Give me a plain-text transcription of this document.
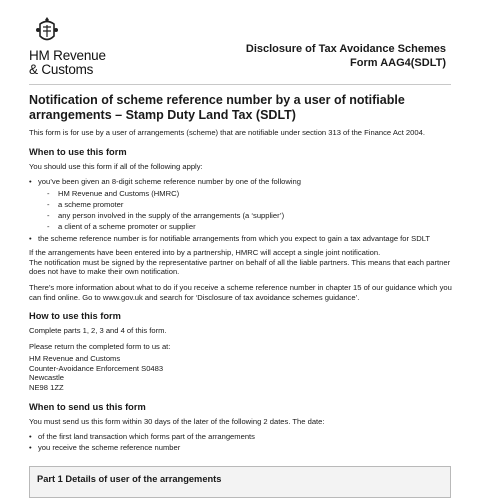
HM Revenue
& Customs
Disclosure of Tax Avoidance Schemes
Form AAG4(SDLT)
Notification of scheme reference number by a user of notifiable arrangements – Stamp Duty Land Tax (SDLT)

This form is for use by a user of arrangements (scheme) that are notifiable under section 313 of the Finance Act 2004.

When to use this form

You should use this form if all of the following apply:

• you’ve been given an 8-digit scheme reference number by one of the following
- HM Revenue and Customs (HMRC)
- a scheme promoter
- any person involved in the supply of the arrangements (a ‘supplier’)
- a client of a scheme promoter or supplier
• the scheme reference number is for notifiable arrangements from which you expect to gain a tax advantage for SDLT

If the arrangements have been entered into by a partnership, HMRC will accept a single joint notification.

The notification must be signed by the representative partner on behalf of all the liable partners. This means that each partner does not have to make their own notification.

There’s more information about what to do if you receive a scheme reference number in chapter 15 of our guidance which you can find online. Go to www.gov.uk and search for ‘Disclosure of tax avoidance schemes guidance’.

How to use this form

Complete parts 1, 2, 3 and 4 of this form.

Please return the completed form to us at:

HM Revenue and Customs
Counter-Avoidance Enforcement S0483
Newcastle
NE98 1ZZ
When to send us this form

You must send us this form within 30 days of the later of the following 2 dates. The date:

• of the first land transaction which forms part of the arrangements
• you receive the scheme reference number
Part 1 Details of user of the arrangements
